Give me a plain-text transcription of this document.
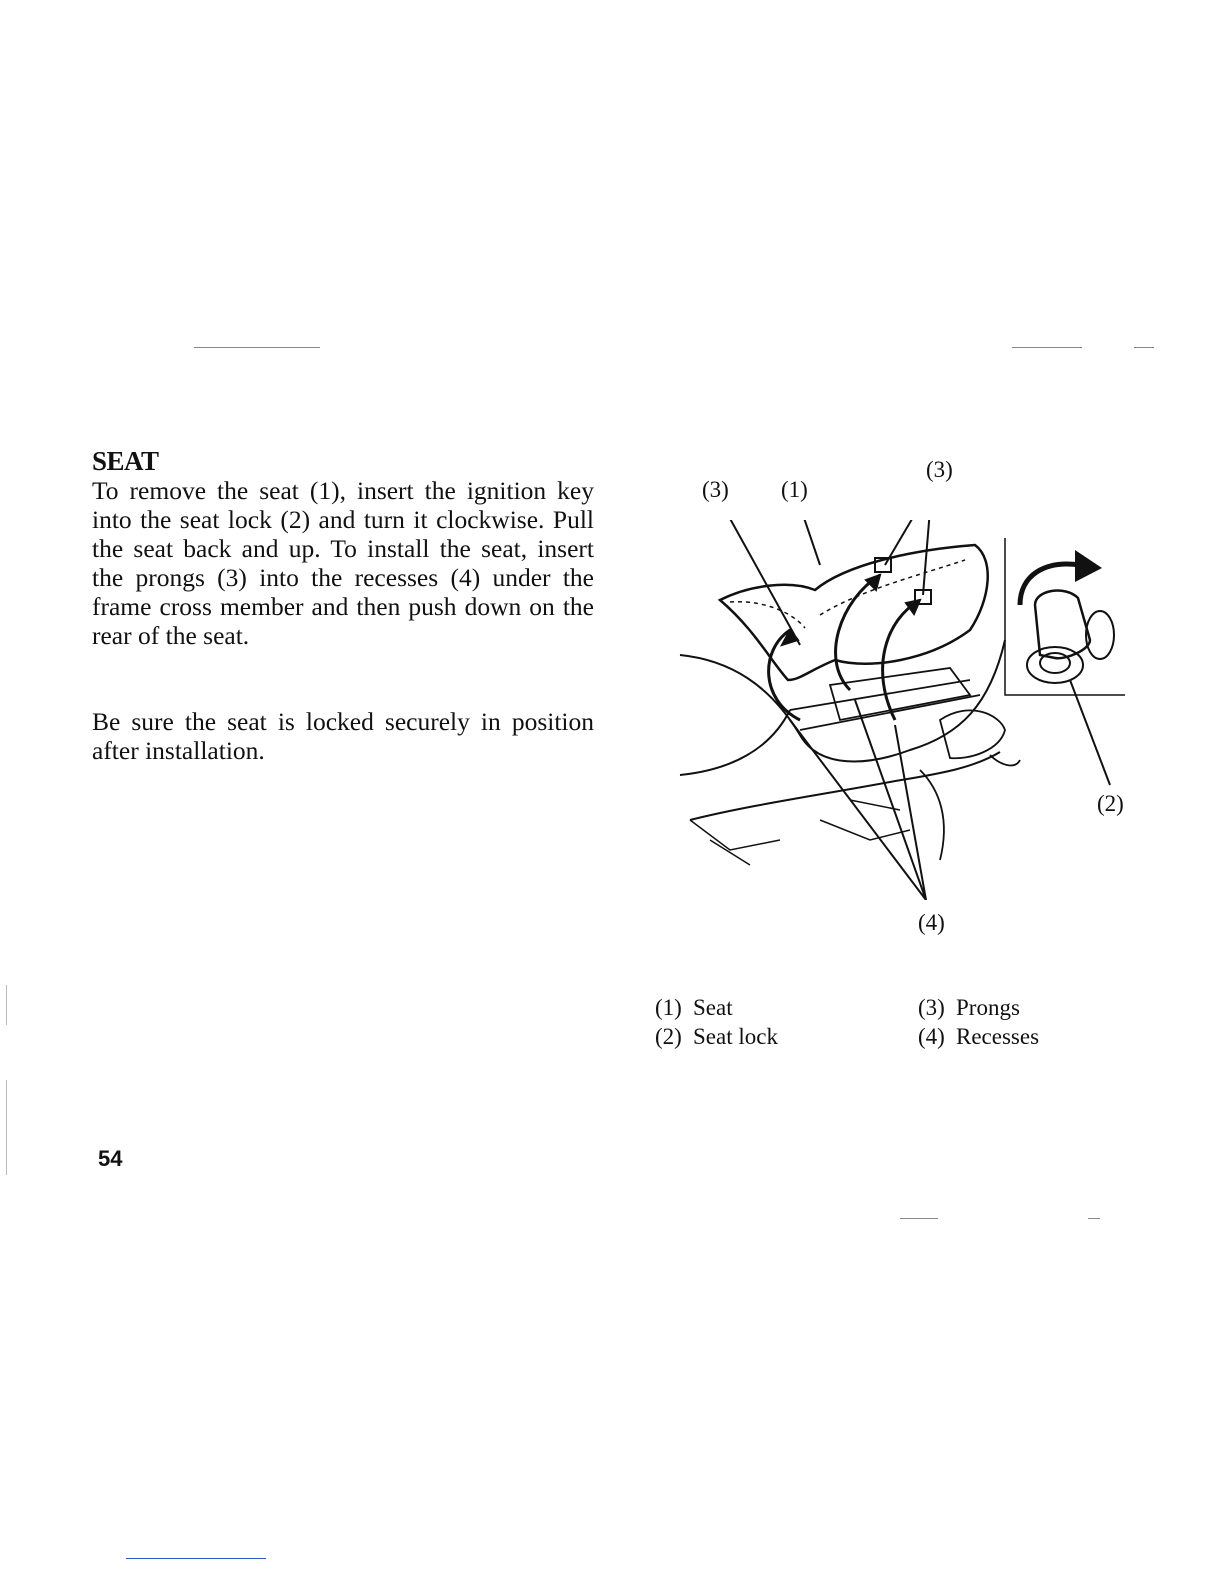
SEAT

To remove the seat (1), insert the ignition key into the seat lock (2) and turn it clockwise. Pull the seat back and up. To install the seat, insert the prongs (3) into the recesses (4) under the frame cross member and then push down on the rear of the seat.

Be sure the seat is locked securely in position after installation.

(3) (1)
(3)
(2)
(4)
(1) Seat	(3) Prongs
(2) Seat lock	(4) Recesses

54
